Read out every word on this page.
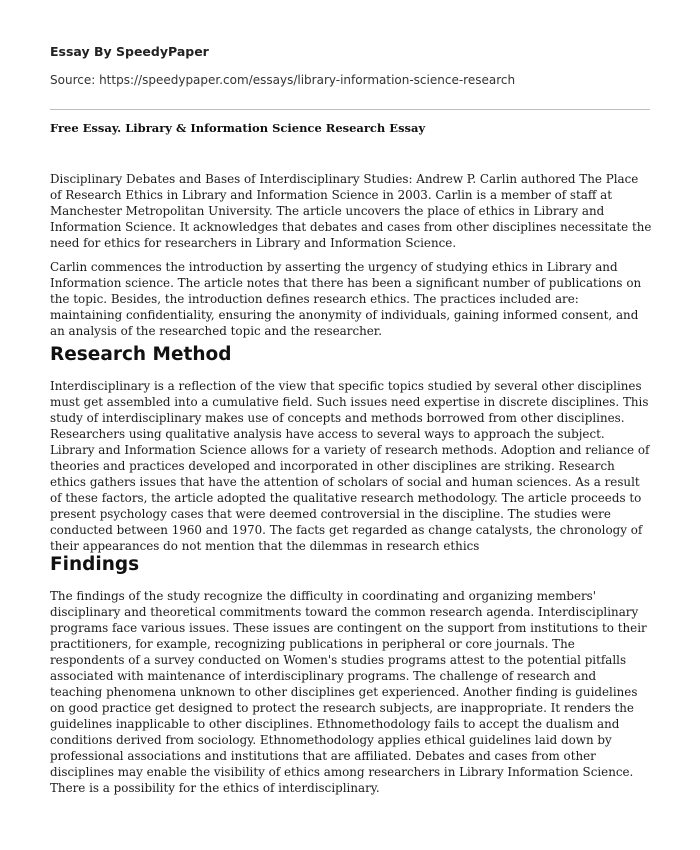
Essay By SpeedyPaper
Source: https://speedypaper.com/essays/library-information-science-research
Free Essay. Library & Information Science Research Essay

Disciplinary Debates and Bases of Interdisciplinary Studies: Andrew P. Carlin authored The Place of Research Ethics in Library and Information Science in 2003. Carlin is a member of staff at Manchester Metropolitan University. The article uncovers the place of ethics in Library and Information Science. It acknowledges that debates and cases from other disciplines necessitate the need for ethics for researchers in Library and Information Science.

Carlin commences the introduction by asserting the urgency of studying ethics in Library and Information science. The article notes that there has been a significant number of publications on the topic. Besides, the introduction defines research ethics. The practices included are: maintaining confidentiality, ensuring the anonymity of individuals, gaining informed consent, and an analysis of the researched topic and the researcher.

Research Method

Interdisciplinary is a reflection of the view that specific topics studied by several other disciplines must get assembled into a cumulative field. Such issues need expertise in discrete disciplines. This study of interdisciplinary makes use of concepts and methods borrowed from other disciplines. Researchers using qualitative analysis have access to several ways to approach the subject. Library and Information Science allows for a variety of research methods. Adoption and reliance of theories and practices developed and incorporated in other disciplines are striking. Research ethics gathers issues that have the attention of scholars of social and human sciences. As a result of these factors, the article adopted the qualitative research methodology. The article proceeds to present psychology cases that were deemed controversial in the discipline. The studies were conducted between 1960 and 1970. The facts get regarded as change catalysts, the chronology of their appearances do not mention that the dilemmas in research ethics

Findings

The findings of the study recognize the difficulty in coordinating and organizing members' disciplinary and theoretical commitments toward the common research agenda. Interdisciplinary programs face various issues. These issues are contingent on the support from institutions to their practitioners, for example, recognizing publications in peripheral or core journals. The respondents of a survey conducted on Women's studies programs attest to the potential pitfalls associated with maintenance of interdisciplinary programs. The challenge of research and teaching phenomena unknown to other disciplines get experienced. Another finding is guidelines on good practice get designed to protect the research subjects, are inappropriate. It renders the guidelines inapplicable to other disciplines. Ethnomethodology fails to accept the dualism and conditions derived from sociology. Ethnomethodology applies ethical guidelines laid down by professional associations and institutions that are affiliated. Debates and cases from other disciplines may enable the visibility of ethics among researchers in Library Information Science. There is a possibility for the ethics of interdisciplinary.
